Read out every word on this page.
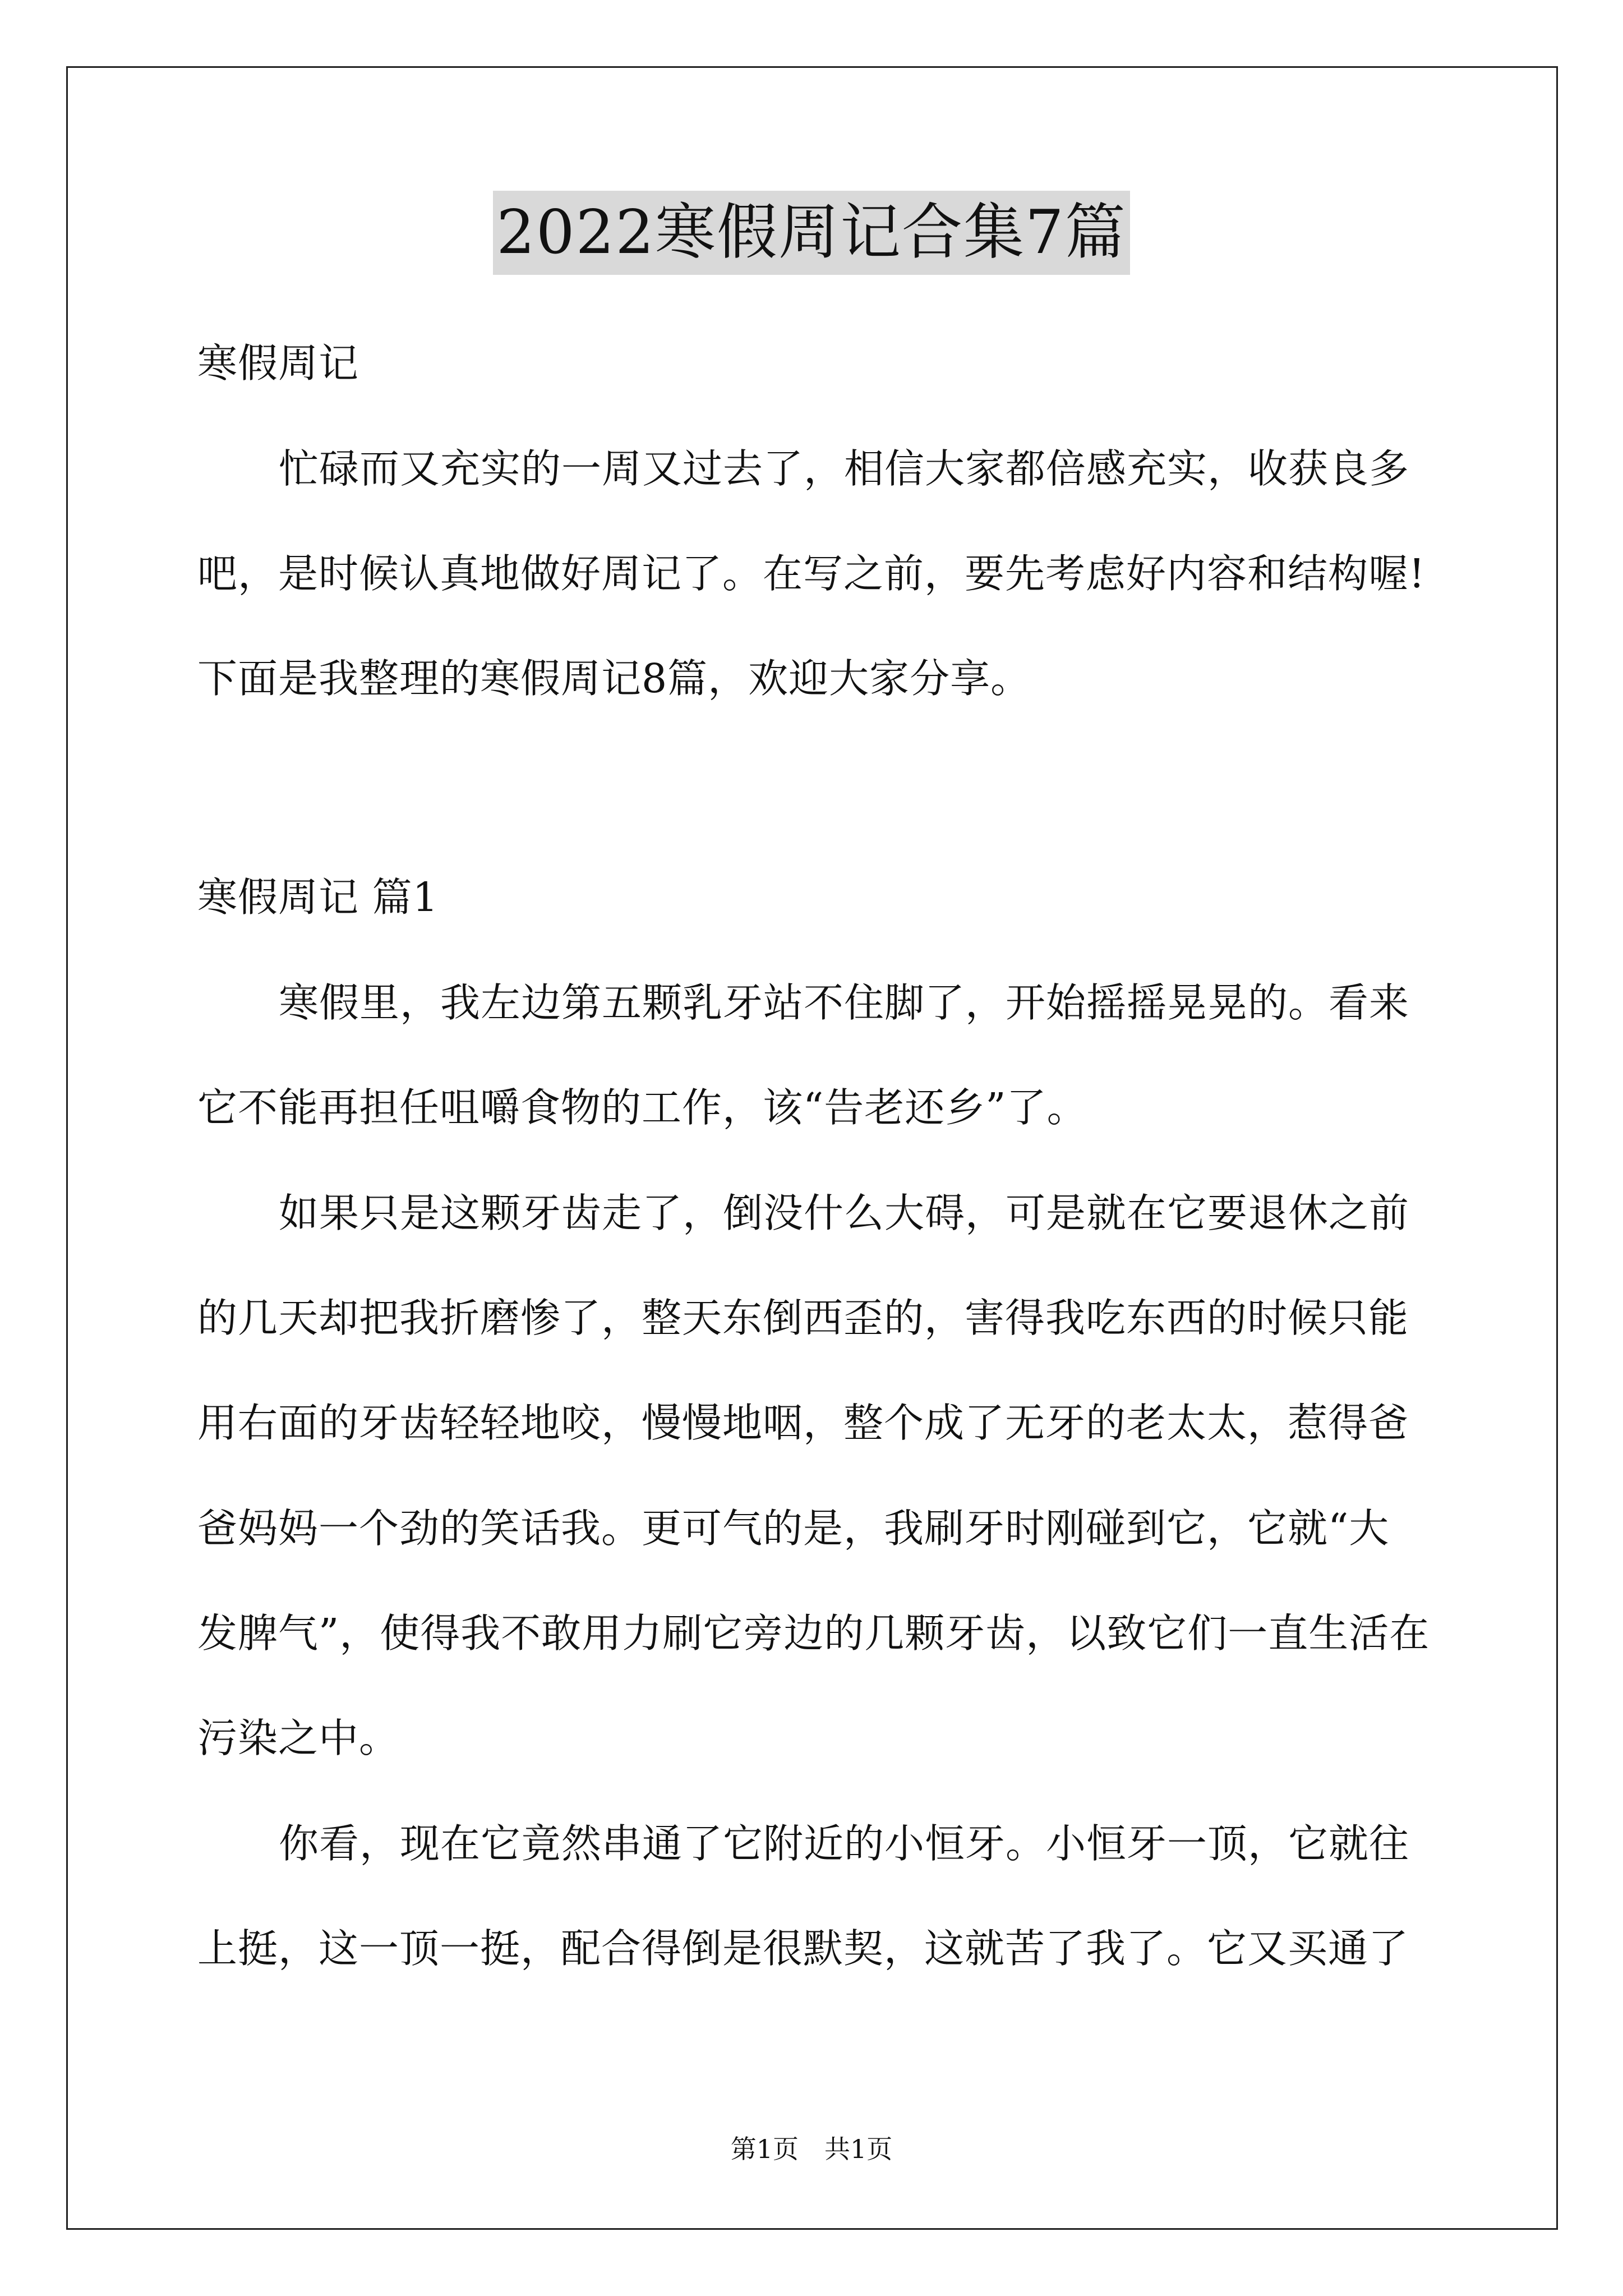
2022寒假周记合集7篇
寒假周记
忙碌而又充实的一周又过去了，相信大家都倍感充实，收获良多
吧，是时候认真地做好周记了。在写之前，要先考虑好内容和结构喔!
下面是我整理的寒假周记8篇，欢迎大家分享。
寒假周记 篇1
寒假里，我左边第五颗乳牙站不住脚了，开始摇摇晃晃的。看来
它不能再担任咀嚼食物的工作，该“告老还乡”了。
如果只是这颗牙齿走了，倒没什么大碍，可是就在它要退休之前
的几天却把我折磨惨了，整天东倒西歪的，害得我吃东西的时候只能
用右面的牙齿轻轻地咬，慢慢地咽，整个成了无牙的老太太，惹得爸
爸妈妈一个劲的笑话我。更可气的是，我刷牙时刚碰到它，它就“大
发脾气”，使得我不敢用力刷它旁边的几颗牙齿，以致它们一直生活在
污染之中。
你看，现在它竟然串通了它附近的小恒牙。小恒牙一顶，它就往
上挺，这一顶一挺，配合得倒是很默契，这就苦了我了。它又买通了
第1页　共1页
